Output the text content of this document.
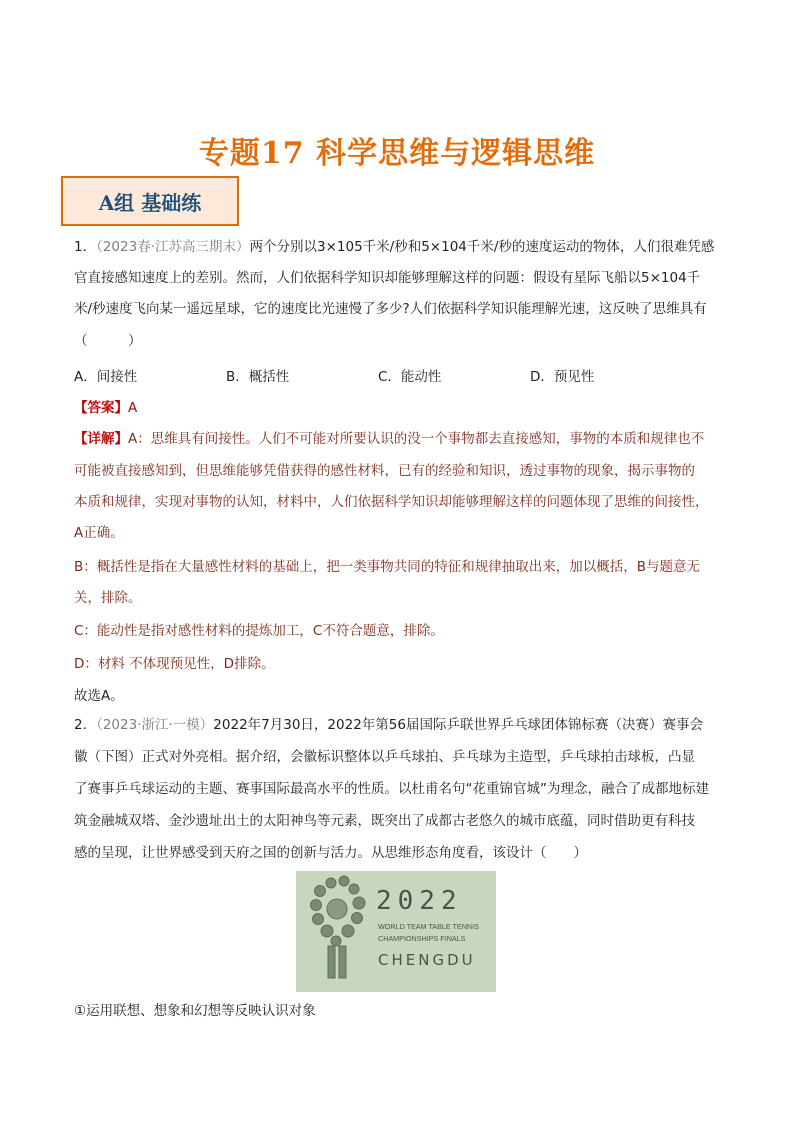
专题17 科学思维与逻辑思维
A组 基础练
1．（2023春·江苏高三期末）两个分别以3×105千米/秒和5×104千米/秒的速度运动的物体，人们很难凭感
官直接感知速度上的差别。然而，人们依据科学知识却能够理解这样的问题：假设有星际飞船以5×104千
米/秒速度飞向某一遥远星球，它的速度比光速慢了多少?人们依据科学知识能理解光速，这反映了思维具有
（　　　）
A．间接性	B．概括性	C．能动性	D．预见性
【答案】A
【详解】A：思维具有间接性。人们不可能对所要认识的没一个事物都去直接感知，事物的本质和规律也不
可能被直接感知到，但思维能够凭借获得的感性材料，已有的经验和知识，透过事物的现象，揭示事物的
本质和规律，实现对事物的认知，材料中，人们依据科学知识却能够理解这样的问题体现了思维的间接性，
A正确。
B：概括性是指在大量感性材料的基础上，把一类事物共同的特征和规律抽取出来，加以概括，B与题意无
关，排除。
C：能动性是指对感性材料的提炼加工，C不符合题意，排除。
D：材料 不体现预见性，D排除。
故选A。
2．（2023·浙江·一模）2022年7月30日，2022年第56届国际乒联世界乒乓球团体锦标赛（决赛）赛事会
徽（下图）正式对外亮相。据介绍，会徽标识整体以乒乓球拍、乒乓球为主造型，乒乓球拍击球板，凸显
了赛事乒乓球运动的主题、赛事国际最高水平的性质。以杜甫名句“花重锦官城”为理念，融合了成都地标建
筑金融城双塔、金沙遗址出土的太阳神鸟等元素，既突出了成都古老悠久的城市底蕴，同时借助更有科技
感的呈现，让世界感受到天府之国的创新与活力。从思维形态角度看，该设计（　　）
2022
WORLD TEAM TABLE TENNIS
CHAMPIONSHIPS FINALS
CHENGDU
①运用联想、想象和幻想等反映认识对象
